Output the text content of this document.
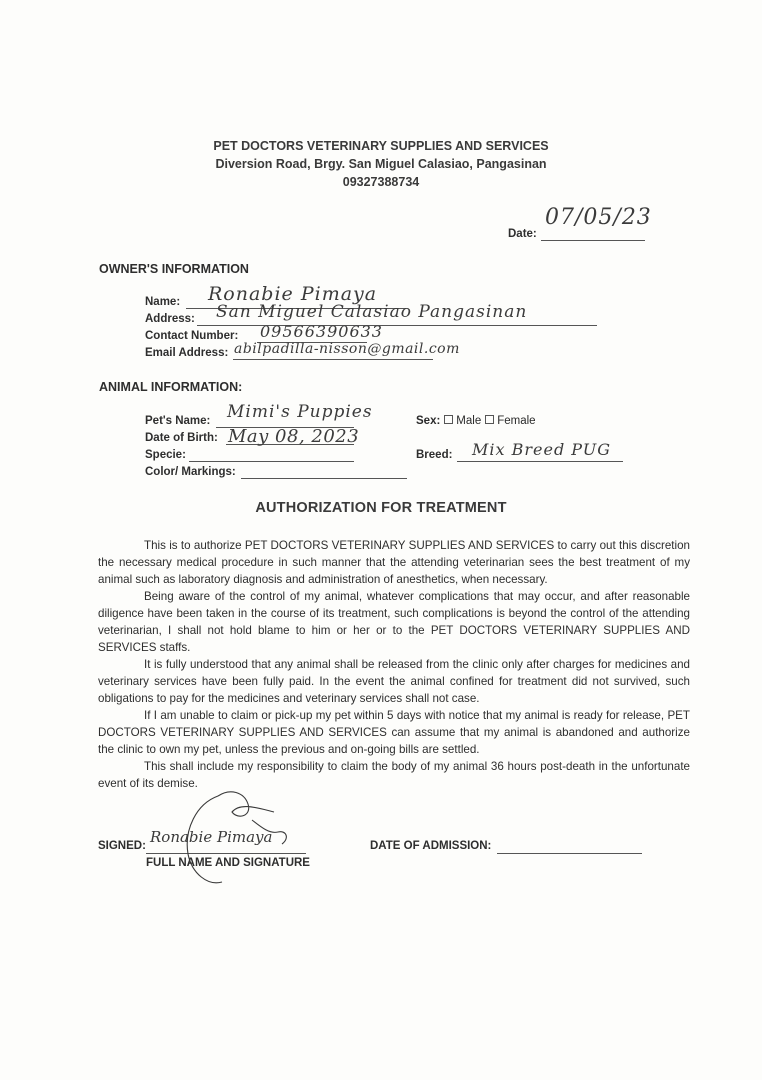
PET DOCTORS VETERINARY SUPPLIES AND SERVICES
Diversion Road, Brgy. San Miguel Calasiao, Pangasinan
09327388734
Date:
07/05/23
OWNER'S INFORMATION
Name: Ronabie Pimaya
Address: San Miguel Calasiao Pangasinan
Contact Number: 09566390633
Email Address: abilpadilla-nisson@gmail.com
ANIMAL INFORMATION:
Pet's Name: Mimi's Puppies
Date of Birth: May 08, 2023
Specie:
Color/ Markings:
Sex: Male Female
Breed: Mix Breed PUG
AUTHORIZATION FOR TREATMENT

This is to authorize PET DOCTORS VETERINARY SUPPLIES AND SERVICES to carry out this discretion the necessary medical procedure in such manner that the attending veterinarian sees the best treatment of my animal such as laboratory diagnosis and administration of anesthetics, when necessary.

Being aware of the control of my animal, whatever complications that may occur, and after reasonable diligence have been taken in the course of its treatment, such complications is beyond the control of the attending veterinarian, I shall not hold blame to him or her or to the PET DOCTORS VETERINARY SUPPLIES AND SERVICES staffs.

It is fully understood that any animal shall be released from the clinic only after charges for medicines and veterinary services have been fully paid. In the event the animal confined for treatment did not survived, such obligations to pay for the medicines and veterinary services shall not case.

If I am unable to claim or pick-up my pet within 5 days with notice that my animal is ready for release, PET DOCTORS VETERINARY SUPPLIES AND SERVICES can assume that my animal is abandoned and authorize the clinic to own my pet, unless the previous and on-going bills are settled.

This shall include my responsibility to claim the body of my animal 36 hours post-death in the unfortunate event of its demise.

SIGNED: Ronabie Pimaya
FULL NAME AND SIGNATURE
DATE OF ADMISSION:
